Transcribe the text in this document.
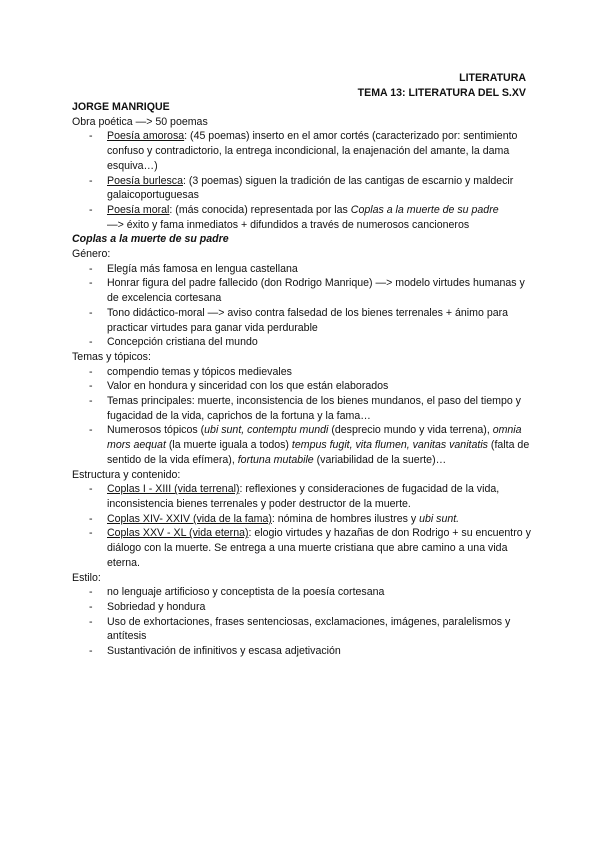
LITERATURA
TEMA 13: LITERATURA DEL S.XV

JORGE MANRIQUE

Obra poética —> 50 poemas

- Poesía amorosa: (45 poemas) inserto en el amor cortés (caracterizado por: sentimiento confuso y contradictorio, la entrega incondicional, la enajenación del amante, la dama esquiva…)
- Poesía burlesca: (3 poemas) siguen la tradición de las cantigas de escarnio y maldecir galaicoportuguesas
- Poesía moral: (más conocida) representada por las Coplas a la muerte de su padre
—> éxito y fama inmediatos + difundidos a través de numerosos cancioneros

Coplas a la muerte de su padre

Género:

- Elegía más famosa en lengua castellana
- Honrar figura del padre fallecido (don Rodrigo Manrique) —> modelo virtudes humanas y de excelencia cortesana
- Tono didáctico-moral —> aviso contra falsedad de los bienes terrenales + ánimo para practicar virtudes para ganar vida perdurable
- Concepción cristiana del mundo

Temas y tópicos:

- compendio temas y tópicos medievales
- Valor en hondura y sinceridad con los que están elaborados
- Temas principales: muerte, inconsistencia de los bienes mundanos, el paso del tiempo y fugacidad de la vida, caprichos de la fortuna y la fama…
- Numerosos tópicos (ubi sunt, contemptu mundi (desprecio mundo y vida terrena), omnia mors aequat (la muerte iguala a todos) tempus fugit, vita flumen, vanitas vanitatis (falta de sentido de la vida efímera), fortuna mutabile (variabilidad de la suerte)…

Estructura y contenido:

- Coplas I - XIII (vida terrenal): reflexiones y consideraciones de fugacidad de la vida, inconsistencia bienes terrenales y poder destructor de la muerte.
- Coplas XIV- XXIV (vida de la fama): nómina de hombres ilustres y ubi sunt.
- Coplas XXV - XL (vida eterna): elogio virtudes y hazañas de don Rodrigo + su encuentro y diálogo con la muerte. Se entrega a una muerte cristiana que abre camino a una vida eterna.

Estilo:

- no lenguaje artificioso y conceptista de la poesía cortesana
- Sobriedad y hondura
- Uso de exhortaciones, frases sentenciosas, exclamaciones, imágenes, paralelismos y antítesis
- Sustantivación de infinitivos y escasa adjetivación
